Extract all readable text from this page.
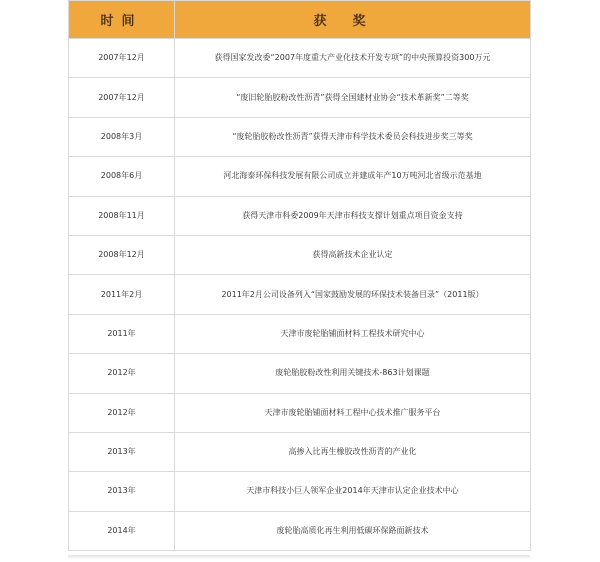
时间	获奖
2007年12月	获得国家发改委“2007年度重大产业化技术开发专项”的中央预算投资300万元
2007年12月	“废旧轮胎胶粉改性沥青”获得全国建材业协会“技术革新奖”二等奖
2008年3月	“废轮胎胶粉改性沥青”获得天津市科学技术委员会科技进步奖三等奖
2008年6月	河北海泰环保科技发展有限公司成立并建成年产10万吨河北省级示范基地
2008年11月	获得天津市科委2009年天津市科技支撑计划重点项目资金支持
2008年12月	获得高新技术企业认定
2011年2月	2011年2月公司设备列入“国家鼓励发展的环保技术装备目录”（2011版）
2011年	天津市废轮胎铺面材料工程技术研究中心
2012年	废轮胎胶粉改性利用关键技术-863计划课题
2012年	天津市废轮胎铺面材料工程中心技术推广服务平台
2013年	高掺入比再生橡胶改性沥青的产业化
2013年	天津市科技小巨人领军企业2014年天津市认定企业技术中心
2014年	废轮胎高质化再生利用低碳环保路面新技术
